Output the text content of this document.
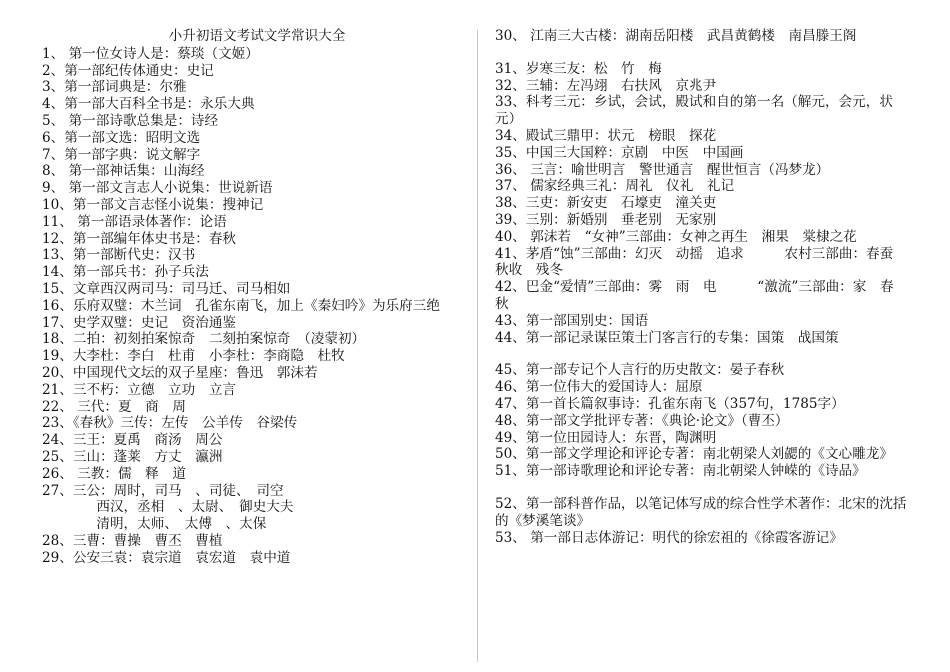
小升初语文考试文学常识大全
1、 第一位女诗人是：蔡琰（文姬）
2、第一部纪传体通史：史记
3、第一部词典是：尔雅
4、第一部大百科全书是：永乐大典
5、 第一部诗歌总集是：诗经
6、第一部文选：昭明文选
7、第一部字典：说文解字
8、 第一部神话集：山海经
9、 第一部文言志人小说集：世说新语
10、第一部文言志怪小说集：搜神记
11、 第一部语录体著作：论语
12、第一部编年体史书是：春秋
13、第一部断代史：汉书
14、第一部兵书：孙子兵法
15、文章西汉两司马：司马迁、司马相如
16、乐府双璧：木兰词　孔雀东南飞，加上《秦妇吟》为乐府三绝
17、史学双璧：史记　资治通鉴
18、二拍：初刻拍案惊奇　二刻拍案惊奇　（凌蒙初）
19、大李杜：李白　杜甫　小李杜：李商隐　杜牧
20、中国现代文坛的双子星座：鲁迅　郭沫若
21、三不朽：立德　立功　立言
22、 三代：夏　商　周
23、《春秋》三传：左传　公羊传　谷梁传
24、三王：夏禹　商汤　周公
25、三山：蓬莱　方丈　瀛洲
26、 三教：儒　释　道
27、三公：周时，司马　、司徒、　司空
　　　　西汉，丞相　、太尉、　御史大夫
　　　　清明，太师、　太傅　、太保
28、三曹：曹操　曹丕　曹植
29、公安三袁：袁宗道　袁宏道　袁中道
30、 江南三大古楼：湖南岳阳楼　武昌黄鹤楼　南昌滕王阁
31、岁寒三友：松　竹　梅
32、三辅：左冯翊　右扶风　京兆尹
33、科考三元：乡试，会试，殿试和自的第一名（解元，会元，状元）
34、殿试三鼎甲：状元　榜眼　探花
35、中国三大国粹：京剧　中医　中国画
36、 三言：喻世明言　警世通言　醒世恒言（冯梦龙）
37、 儒家经典三礼：周礼　仪礼　礼记
38、三吏：新安吏　石壕吏　潼关吏
39、三别：新婚别　垂老别　无家别
40、 郭沫若　“女神”三部曲：女神之再生　湘果　棠棣之花
41、茅盾“蚀”三部曲：幻灭　动摇　追求　　　农村三部曲：春蚕　秋收　残冬
42、巴金“爱情”三部曲：雾　雨　电　　　“激流”三部曲：家　春　秋
43、第一部国别史：国语
44、第一部记录谋臣策士门客言行的专集：国策　战国策
45、第一部专记个人言行的历史散文：晏子春秋
46、第一位伟大的爱国诗人：屈原
47、第一首长篇叙事诗：孔雀东南飞（357句，1785字）
48、第一部文学批评专著：《典论·论文》（曹丕）
49、第一位田园诗人：东晋，陶渊明
50、第一部文学理论和评论专著：南北朝梁人刘勰的《文心雕龙》
51、第一部诗歌理论和评论专著：南北朝梁人钟嵘的《诗品》
52、第一部科普作品，以笔记体写成的综合性学术著作：北宋的沈括的《梦溪笔谈》
53、 第一部日志体游记：明代的徐宏祖的《徐霞客游记》
